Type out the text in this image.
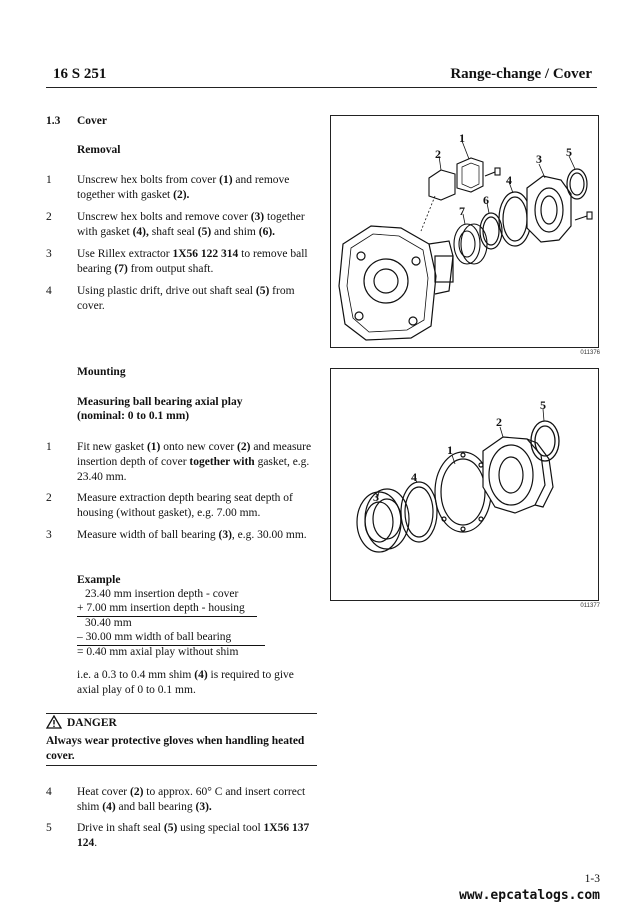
16 S 251	Range-change / Cover
1.3 Cover
Removal
1 Unscrew hex bolts from cover (1) and remove together with gasket (2).
2 Unscrew hex bolts and remove cover (3) together with gasket (4), shaft seal (5) and shim (6).
3 Use Rillex extractor 1X56 122 314 to remove ball bearing (7) from output shaft.
4 Using plastic drift, drive out shaft seal (5) from cover.
Mounting
Measuring ball bearing axial play
(nominal: 0 to 0.1 mm)
1 Fit new gasket (1) onto new cover (2) and measure insertion depth of cover together with gasket, e.g. 23.40 mm.
2 Measure extraction depth bearing seat depth of housing (without gasket), e.g. 7.00 mm.
3 Measure width of ball bearing (3), e.g. 30.00 mm.
Example
23.40 mm insertion depth - cover
+ 7.00 mm insertion depth - housing
30.40 mm
– 30.00 mm width of ball bearing
= 0.40 mm axial play without shim
i.e. a 0.3 to 0.4 mm shim (4) is required to give axial play of 0 to 0.1 mm.
DANGER
Always wear protective gloves when handling heated cover.
4 Heat cover (2) to approx. 60° C and insert correct shim (4) and ball bearing (3).
5 Drive in shaft seal (5) using special tool 1X56 137 124.
1
2	3
4
5
6
7
011376
1
2
3
4
5
011377
1-3
www.epcatalogs.com
